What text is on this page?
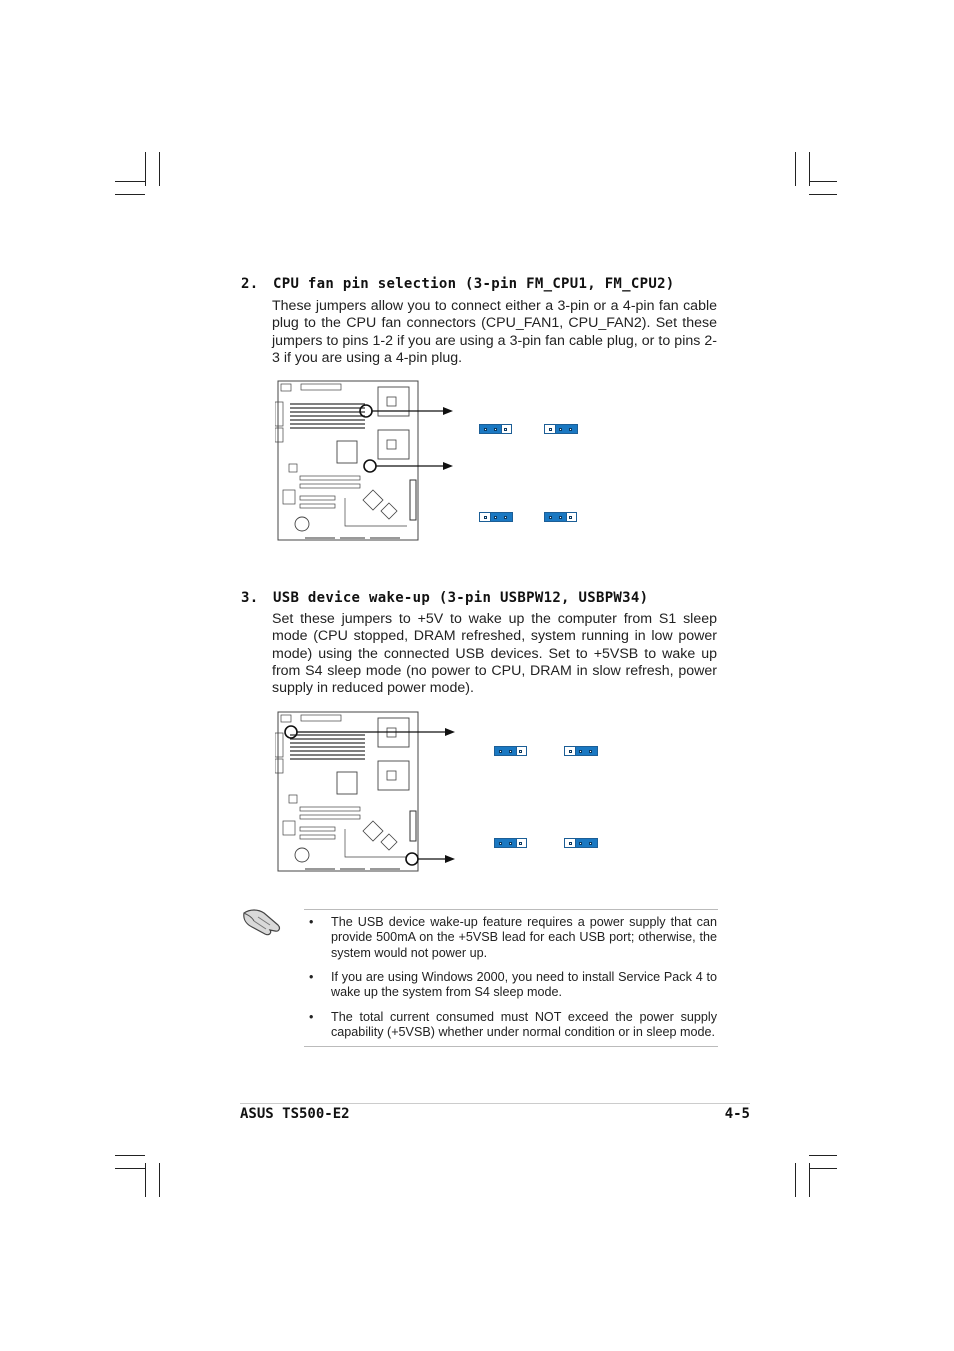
2. CPU fan pin selection (3-pin FM_CPU1, FM_CPU2)
These jumpers allow you to connect either a 3-pin or a 4-pin fan cable plug to the CPU fan connectors (CPU_FAN1, CPU_FAN2). Set these jumpers to pins 1-2 if you are using a 3-pin fan cable plug, or to pins 2-3 if you are using a 4-pin plug.
3. USB device wake-up (3-pin USBPW12, USBPW34)
Set these jumpers to +5V to wake up the computer from S1 sleep mode (CPU stopped, DRAM refreshed, system running in low power mode) using the connected USB devices. Set to +5VSB to wake up from S4 sleep mode (no power to CPU, DRAM in slow refresh, power supply in reduced power mode).
• The USB device wake-up feature requires a power supply that can provide 500mA on the +5VSB lead for each USB port; otherwise, the system would not power up.
• If you are using Windows 2000, you need to install Service Pack 4 to wake up the system from S4 sleep mode.
• The total current consumed must NOT exceed the power supply capability (+5VSB) whether under normal condition or in sleep mode.
ASUS TS500-E2	4-5
